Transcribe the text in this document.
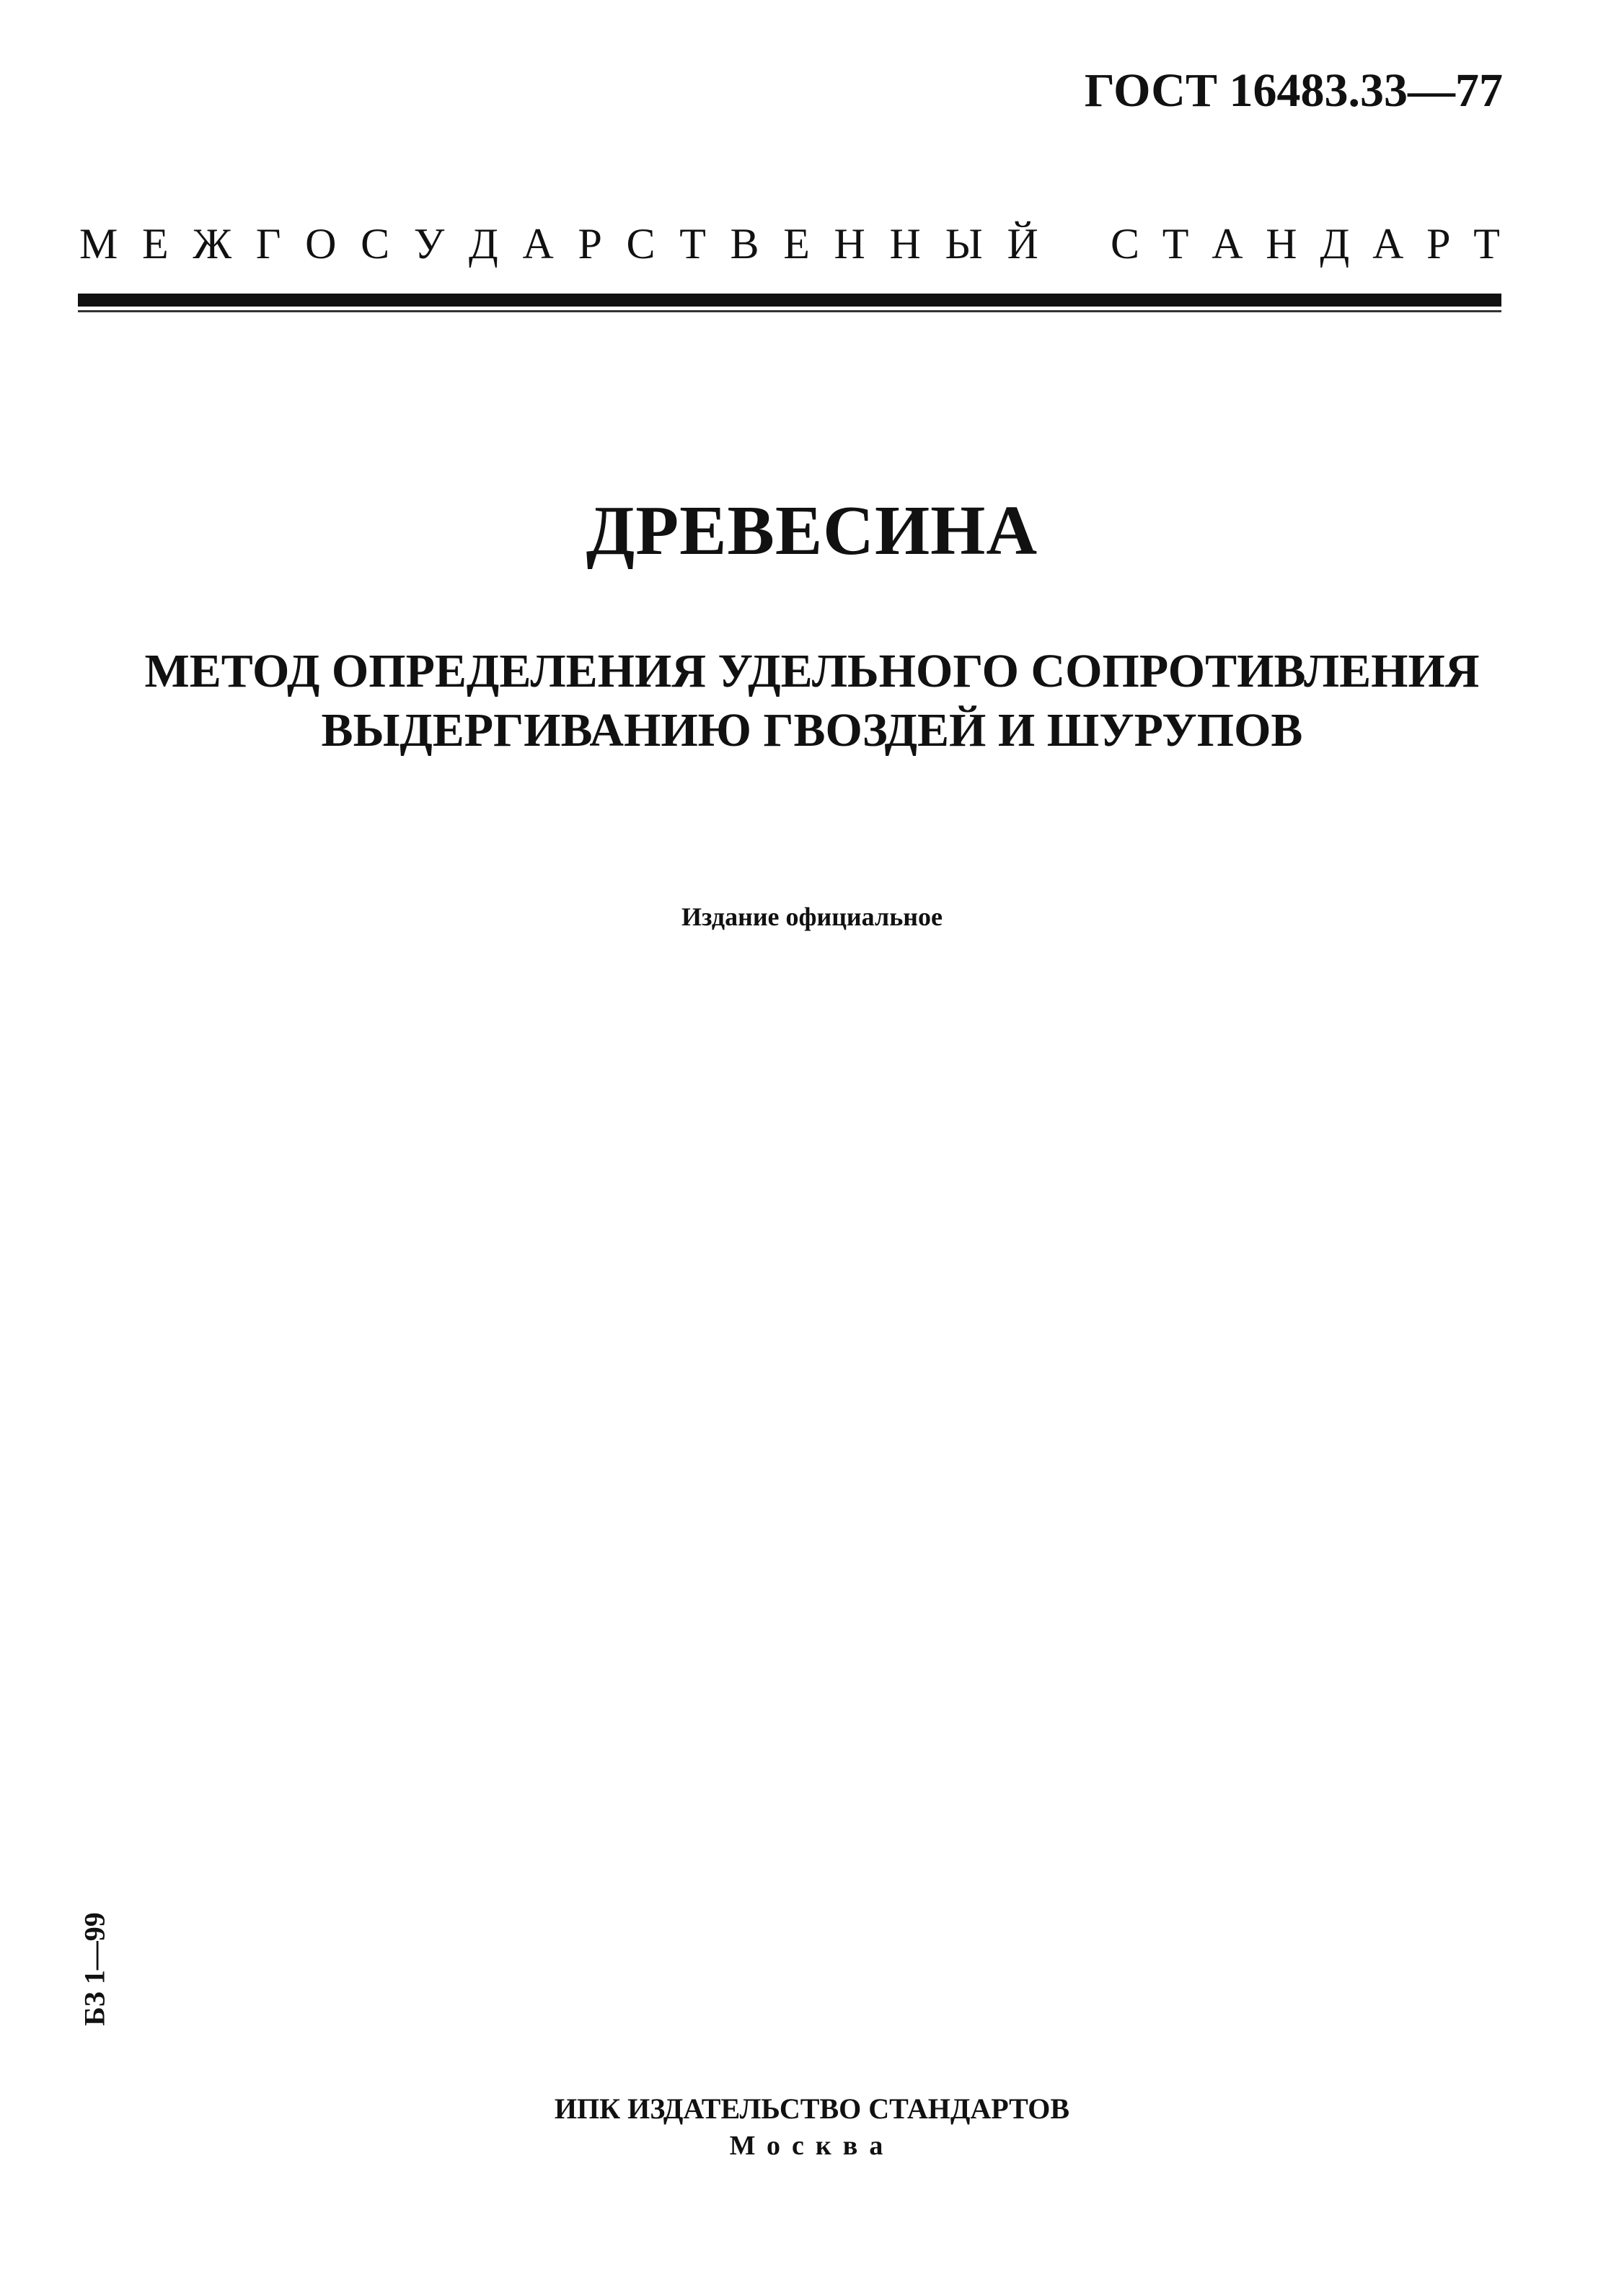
ГОСТ 16483.33—77
М Е Ж Г О С У Д А Р С Т В Е Н Н Ы Й С Т А Н Д А Р Т
ДРЕВЕСИНА
МЕТОД ОПРЕДЕЛЕНИЯ УДЕЛЬНОГО СОПРОТИВЛЕНИЯ
ВЫДЕРГИВАНИЮ ГВОЗДЕЙ И ШУРУПОВ
Издание официальное
БЗ 1—99
ИПК ИЗДАТЕЛЬСТВО СТАНДАРТОВ
Москва
